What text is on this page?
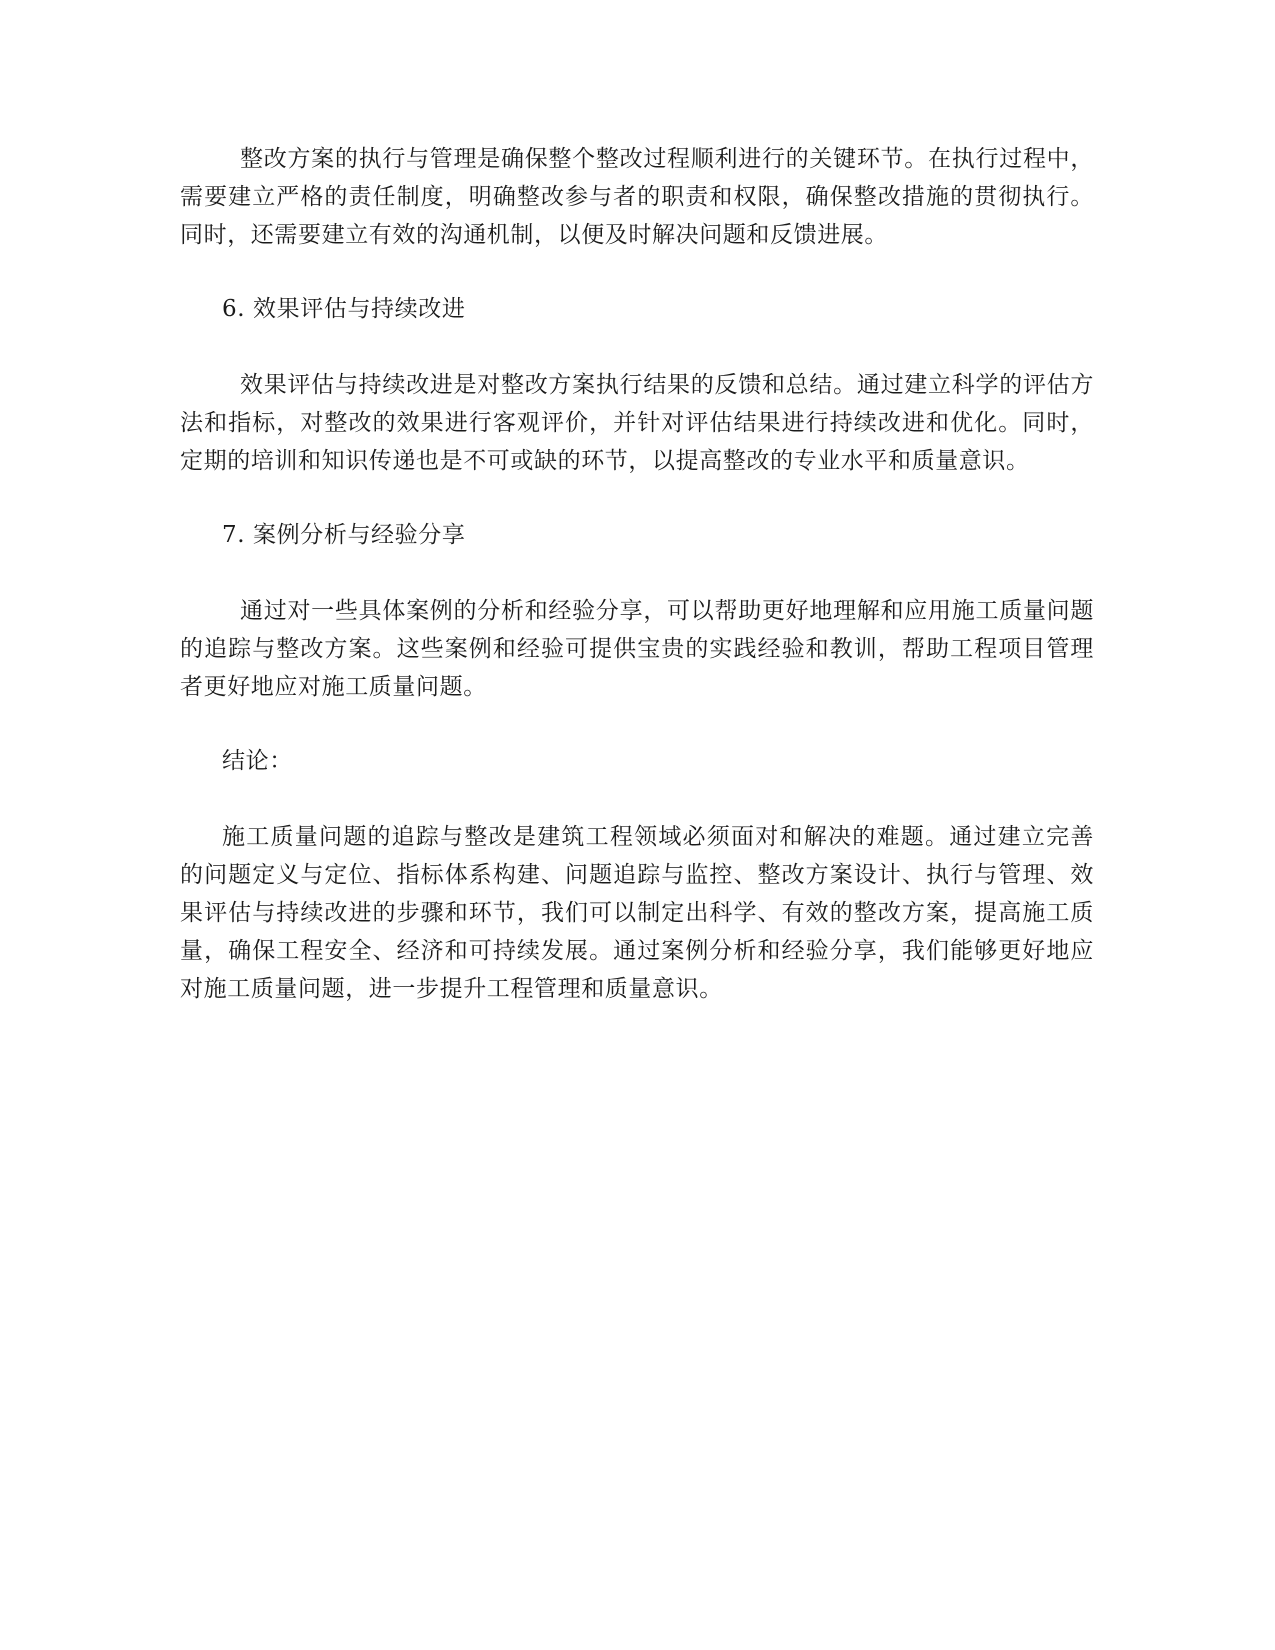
整改方案的执行与管理是确保整个整改过程顺利进行的关键环节。在执行过程中，需要建立严格的责任制度，明确整改参与者的职责和权限，确保整改措施的贯彻执行。同时，还需要建立有效的沟通机制，以便及时解决问题和反馈进展。

6. 效果评估与持续改进

效果评估与持续改进是对整改方案执行结果的反馈和总结。通过建立科学的评估方法和指标，对整改的效果进行客观评价，并针对评估结果进行持续改进和优化。同时，定期的培训和知识传递也是不可或缺的环节，以提高整改的专业水平和质量意识。

7. 案例分析与经验分享

通过对一些具体案例的分析和经验分享，可以帮助更好地理解和应用施工质量问题的追踪与整改方案。这些案例和经验可提供宝贵的实践经验和教训，帮助工程项目管理者更好地应对施工质量问题。

结论：

施工质量问题的追踪与整改是建筑工程领域必须面对和解决的难题。通过建立完善的问题定义与定位、指标体系构建、问题追踪与监控、整改方案设计、执行与管理、效果评估与持续改进的步骤和环节，我们可以制定出科学、有效的整改方案，提高施工质量，确保工程安全、经济和可持续发展。通过案例分析和经验分享，我们能够更好地应对施工质量问题，进一步提升工程管理和质量意识。
